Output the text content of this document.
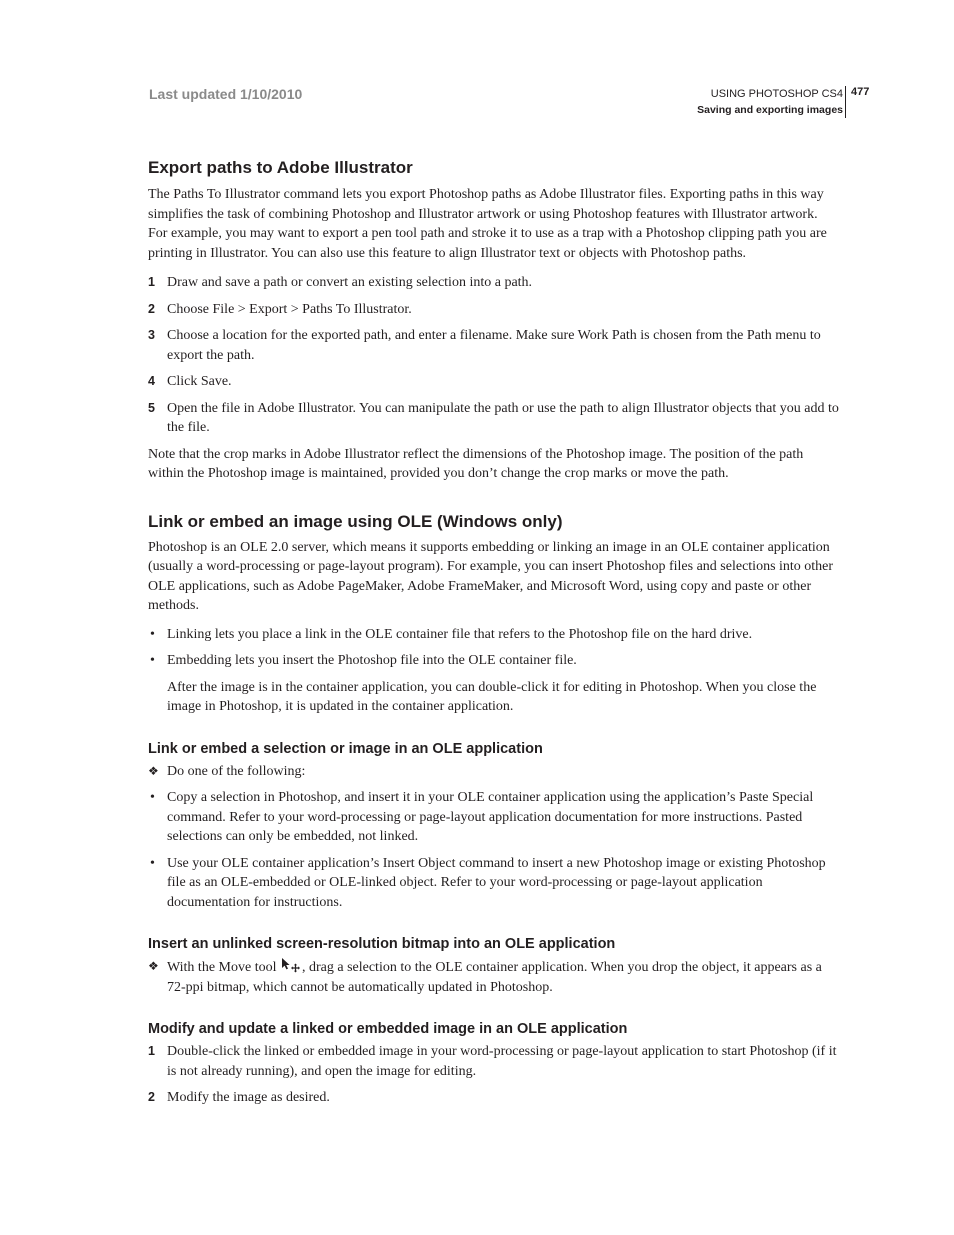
Last updated 1/10/2010	USING PHOTOSHOP CS4
Saving and exporting images
477
Export paths to Adobe Illustrator

The Paths To Illustrator command lets you export Photoshop paths as Adobe Illustrator files. Exporting paths in this way simplifies the task of combining Photoshop and Illustrator artwork or using Photoshop features with Illustrator artwork. For example, you may want to export a pen tool path and stroke it to use as a trap with a Photoshop clipping path you are printing in Illustrator. You can also use this feature to align Illustrator text or objects with Photoshop paths.

1 Draw and save a path or convert an existing selection into a path.
2 Choose File > Export > Paths To Illustrator.
3 Choose a location for the exported path, and enter a filename. Make sure Work Path is chosen from the Path menu to export the path.
4 Click Save.
5 Open the file in Adobe Illustrator. You can manipulate the path or use the path to align Illustrator objects that you add to the file.

Note that the crop marks in Adobe Illustrator reflect the dimensions of the Photoshop image. The position of the path within the Photoshop image is maintained, provided you don’t change the crop marks or move the path.

Link or embed an image using OLE (Windows only)

Photoshop is an OLE 2.0 server, which means it supports embedding or linking an image in an OLE container application (usually a word-processing or page-layout program). For example, you can insert Photoshop files and selections into other OLE applications, such as Adobe PageMaker, Adobe FrameMaker, and Microsoft Word, using copy and paste or other methods.

• Linking lets you place a link in the OLE container file that refers to the Photoshop file on the hard drive.
• Embedding lets you insert the Photoshop file into the OLE container file.

After the image is in the container application, you can double-click it for editing in Photoshop. When you close the image in Photoshop, it is updated in the container application.

Link or embed a selection or image in an OLE application
❖ Do one of the following:
• Copy a selection in Photoshop, and insert it in your OLE container application using the application’s Paste Special command. Refer to your word-processing or page-layout application documentation for more instructions. Pasted selections can only be embedded, not linked.
• Use your OLE container application’s Insert Object command to insert a new Photoshop image or existing Photoshop file as an OLE-embedded or OLE-linked object. Refer to your word-processing or page-layout application documentation for instructions.
Insert an unlinked screen-resolution bitmap into an OLE application
❖ With the Move tool , drag a selection to the OLE container application. When you drop the object, it appears as a 72-ppi bitmap, which cannot be automatically updated in Photoshop.
Modify and update a linked or embedded image in an OLE application
1 Double-click the linked or embedded image in your word-processing or page-layout application to start Photoshop (if it is not already running), and open the image for editing.
2 Modify the image as desired.
